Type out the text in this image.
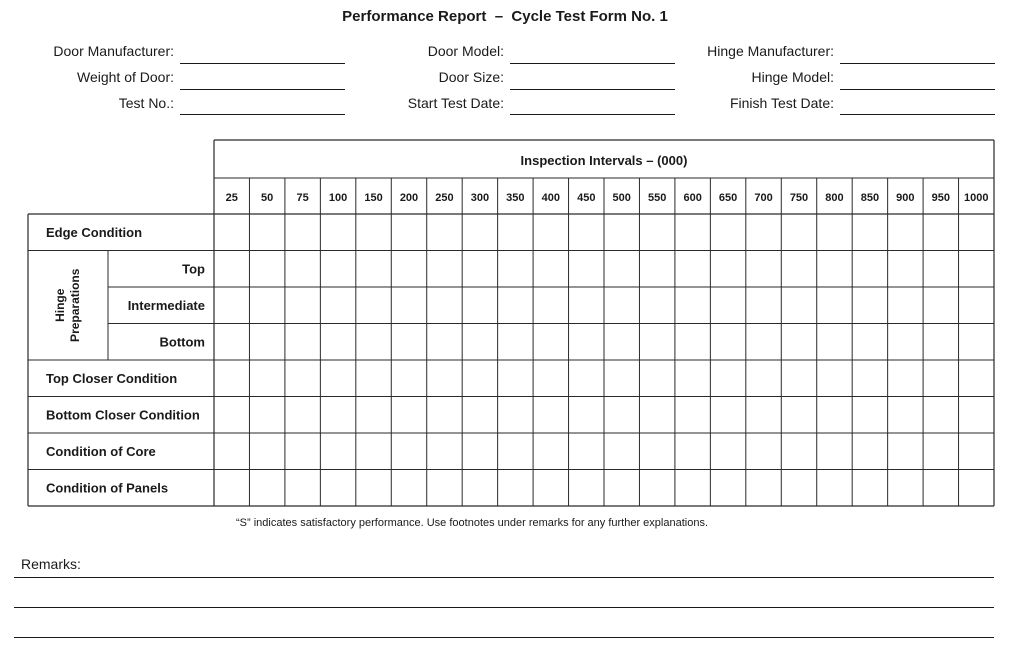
Performance Report  –  Cycle Test Form No. 1
Door Manufacturer:	Door Model:	Hinge Manufacturer:
Weight of Door:	Door Size:	Hinge Model:
Test No.:	Start Test Date:	Finish Test Date:
Inspection Intervals – (000)
25 50 75 100 150 200 250 300 350 400 450 500 550 600 650 700 750 800 850 900 950 1000
Edge Condition
Top
Intermediate
Bottom
Top Closer Condition
Bottom Closer Condition
Condition of Core
Condition of Panels
Hinge Preparations
“S” indicates satisfactory performance. Use footnotes under remarks for any further explanations.
Remarks:
